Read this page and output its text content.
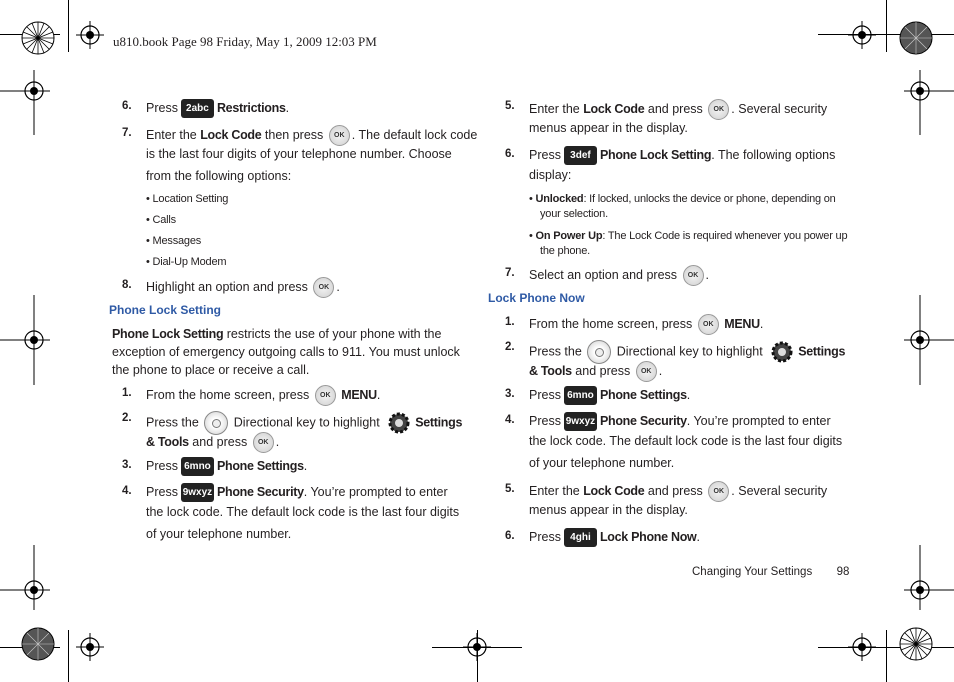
u810.book Page 98 Friday, May 1, 2009 12:03 PM
6. Press 2abc Restrictions.
7. Enter the Lock Code then press OK . The default lock code
is the last four digits of your telephone number. Choose
from the following options:
• Location Setting
• Calls
• Messages
• Dial-Up Modem
8. Highlight an option and press OK .
Phone Lock Setting
Phone Lock Setting restricts the use of your phone with the
exception of emergency outgoing calls to 911. You must unlock
the phone to place or receive a call.
1. From the home screen, press OK MENU.
2. Press the	Directional key to highlight	Settings
& Tools and press OK .
3. Press 6mno Phone Settings.
4. Press 9wxyz Phone Security. You’re prompted to enter
the lock code. The default lock code is the last four digits
of your telephone number.
5. Enter the Lock Code and press OK . Several security
menus appear in the display.
6. Press 3def Phone Lock Setting. The following options
display:
• Unlocked: If locked, unlocks the device or phone, depending on
your selection.
• On Power Up: The Lock Code is required whenever you power up
the phone.
7. Select an option and press OK .
Lock Phone Now
1. From the home screen, press OK MENU.
2. Press the	Directional key to highlight	Settings
& Tools and press OK .
3. Press 6mno Phone Settings.
4. Press 9wxyz Phone Security. You’re prompted to enter
the lock code. The default lock code is the last four digits
of your telephone number.
5. Enter the Lock Code and press OK . Several security
menus appear in the display.
6. Press 4ghi Lock Phone Now.
Changing Your Settings 98
